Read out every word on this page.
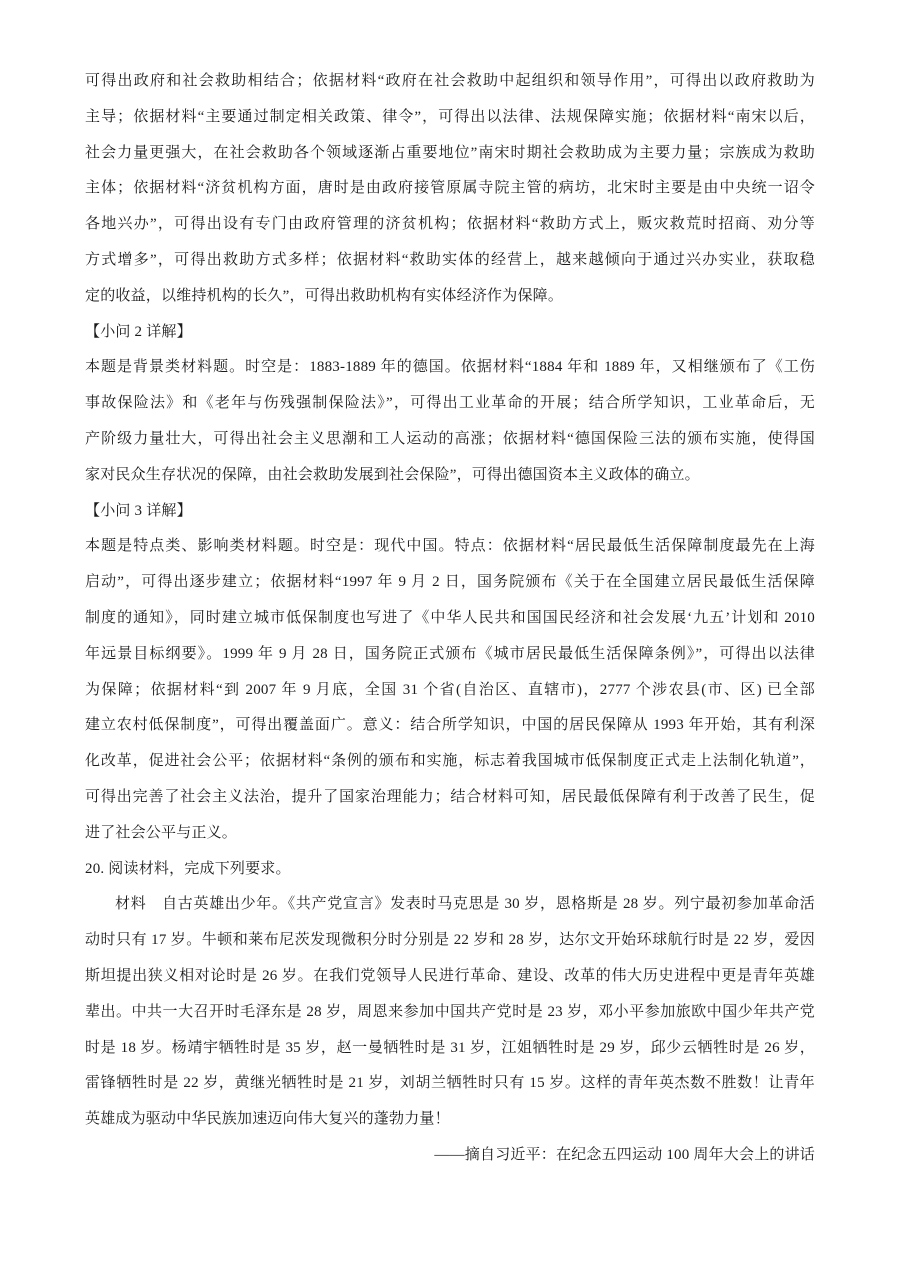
可得出政府和社会救助相结合；依据材料“政府在社会救助中起组织和领导作用”，可得出以政府救助为
主导；依据材料“主要通过制定相关政策、律令”，可得出以法律、法规保障实施；依据材料“南宋以后，
社会力量更强大，在社会救助各个领域逐渐占重要地位”南宋时期社会救助成为主要力量；宗族成为救助
主体；依据材料“济贫机构方面，唐时是由政府接管原属寺院主管的病坊，北宋时主要是由中央统一诏令
各地兴办”，可得出设有专门由政府管理的济贫机构；依据材料“救助方式上，贩灾救荒时招商、劝分等
方式增多”，可得出救助方式多样；依据材料“救助实体的经营上，越来越倾向于通过兴办实业，获取稳
定的收益，以维持机构的长久”，可得出救助机构有实体经济作为保障。
【小问 2 详解】
本题是背景类材料题。时空是：1883-1889 年的德国。依据材料“1884 年和 1889 年，又相继颁布了《工伤
事故保险法》和《老年与伤残强制保险法》”，可得出工业革命的开展；结合所学知识，工业革命后，无
产阶级力量壮大，可得出社会主义思潮和工人运动的高涨；依据材料“德国保险三法的颁布实施，使得国
家对民众生存状况的保障，由社会救助发展到社会保险”，可得出德国资本主义政体的确立。
【小问 3 详解】
本题是特点类、影响类材料题。时空是：现代中国。特点：依据材料“居民最低生活保障制度最先在上海
启动”，可得出逐步建立；依据材料“1997 年 9 月 2 日，国务院颁布《关于在全国建立居民最低生活保障
制度的通知》，同时建立城市低保制度也写进了《中华人民共和国国民经济和社会发展‘九五’计划和 2010
年远景目标纲要》。1999 年 9 月 28 日，国务院正式颁布《城市居民最低生活保障条例》”，可得出以法律
为保障；依据材料“到 2007 年 9 月底，全国 31 个省(自治区、直辖市)，2777 个涉农县(市、区) 已全部
建立农村低保制度”，可得出覆盖面广。意义：结合所学知识，中国的居民保障从 1993 年开始，其有利深
化改革，促进社会公平；依据材料“条例的颁布和实施，标志着我国城市低保制度正式走上法制化轨道”，
可得出完善了社会主义法治，提升了国家治理能力；结合材料可知，居民最低保障有利于改善了民生，促
进了社会公平与正义。
20. 阅读材料，完成下列要求。
材料　自古英雄出少年。《共产党宣言》发表时马克思是 30 岁，恩格斯是 28 岁。列宁最初参加革命活
动时只有 17 岁。牛顿和莱布尼茨发现微积分时分别是 22 岁和 28 岁，达尔文开始环球航行时是 22 岁，爱因
斯坦提出狭义相对论时是 26 岁。在我们党领导人民进行革命、建设、改革的伟大历史进程中更是青年英雄
辈出。中共一大召开时毛泽东是 28 岁，周恩来参加中国共产党时是 23 岁，邓小平参加旅欧中国少年共产党
时是 18 岁。杨靖宇牺牲时是 35 岁，赵一曼牺牲时是 31 岁，江姐牺牲时是 29 岁，邱少云牺牲时是 26 岁，
雷锋牺牲时是 22 岁，黄继光牺牲时是 21 岁，刘胡兰牺牲时只有 15 岁。这样的青年英杰数不胜数！让青年
英雄成为驱动中华民族加速迈向伟大复兴的蓬勃力量！
——摘自习近平：在纪念五四运动 100 周年大会上的讲话
